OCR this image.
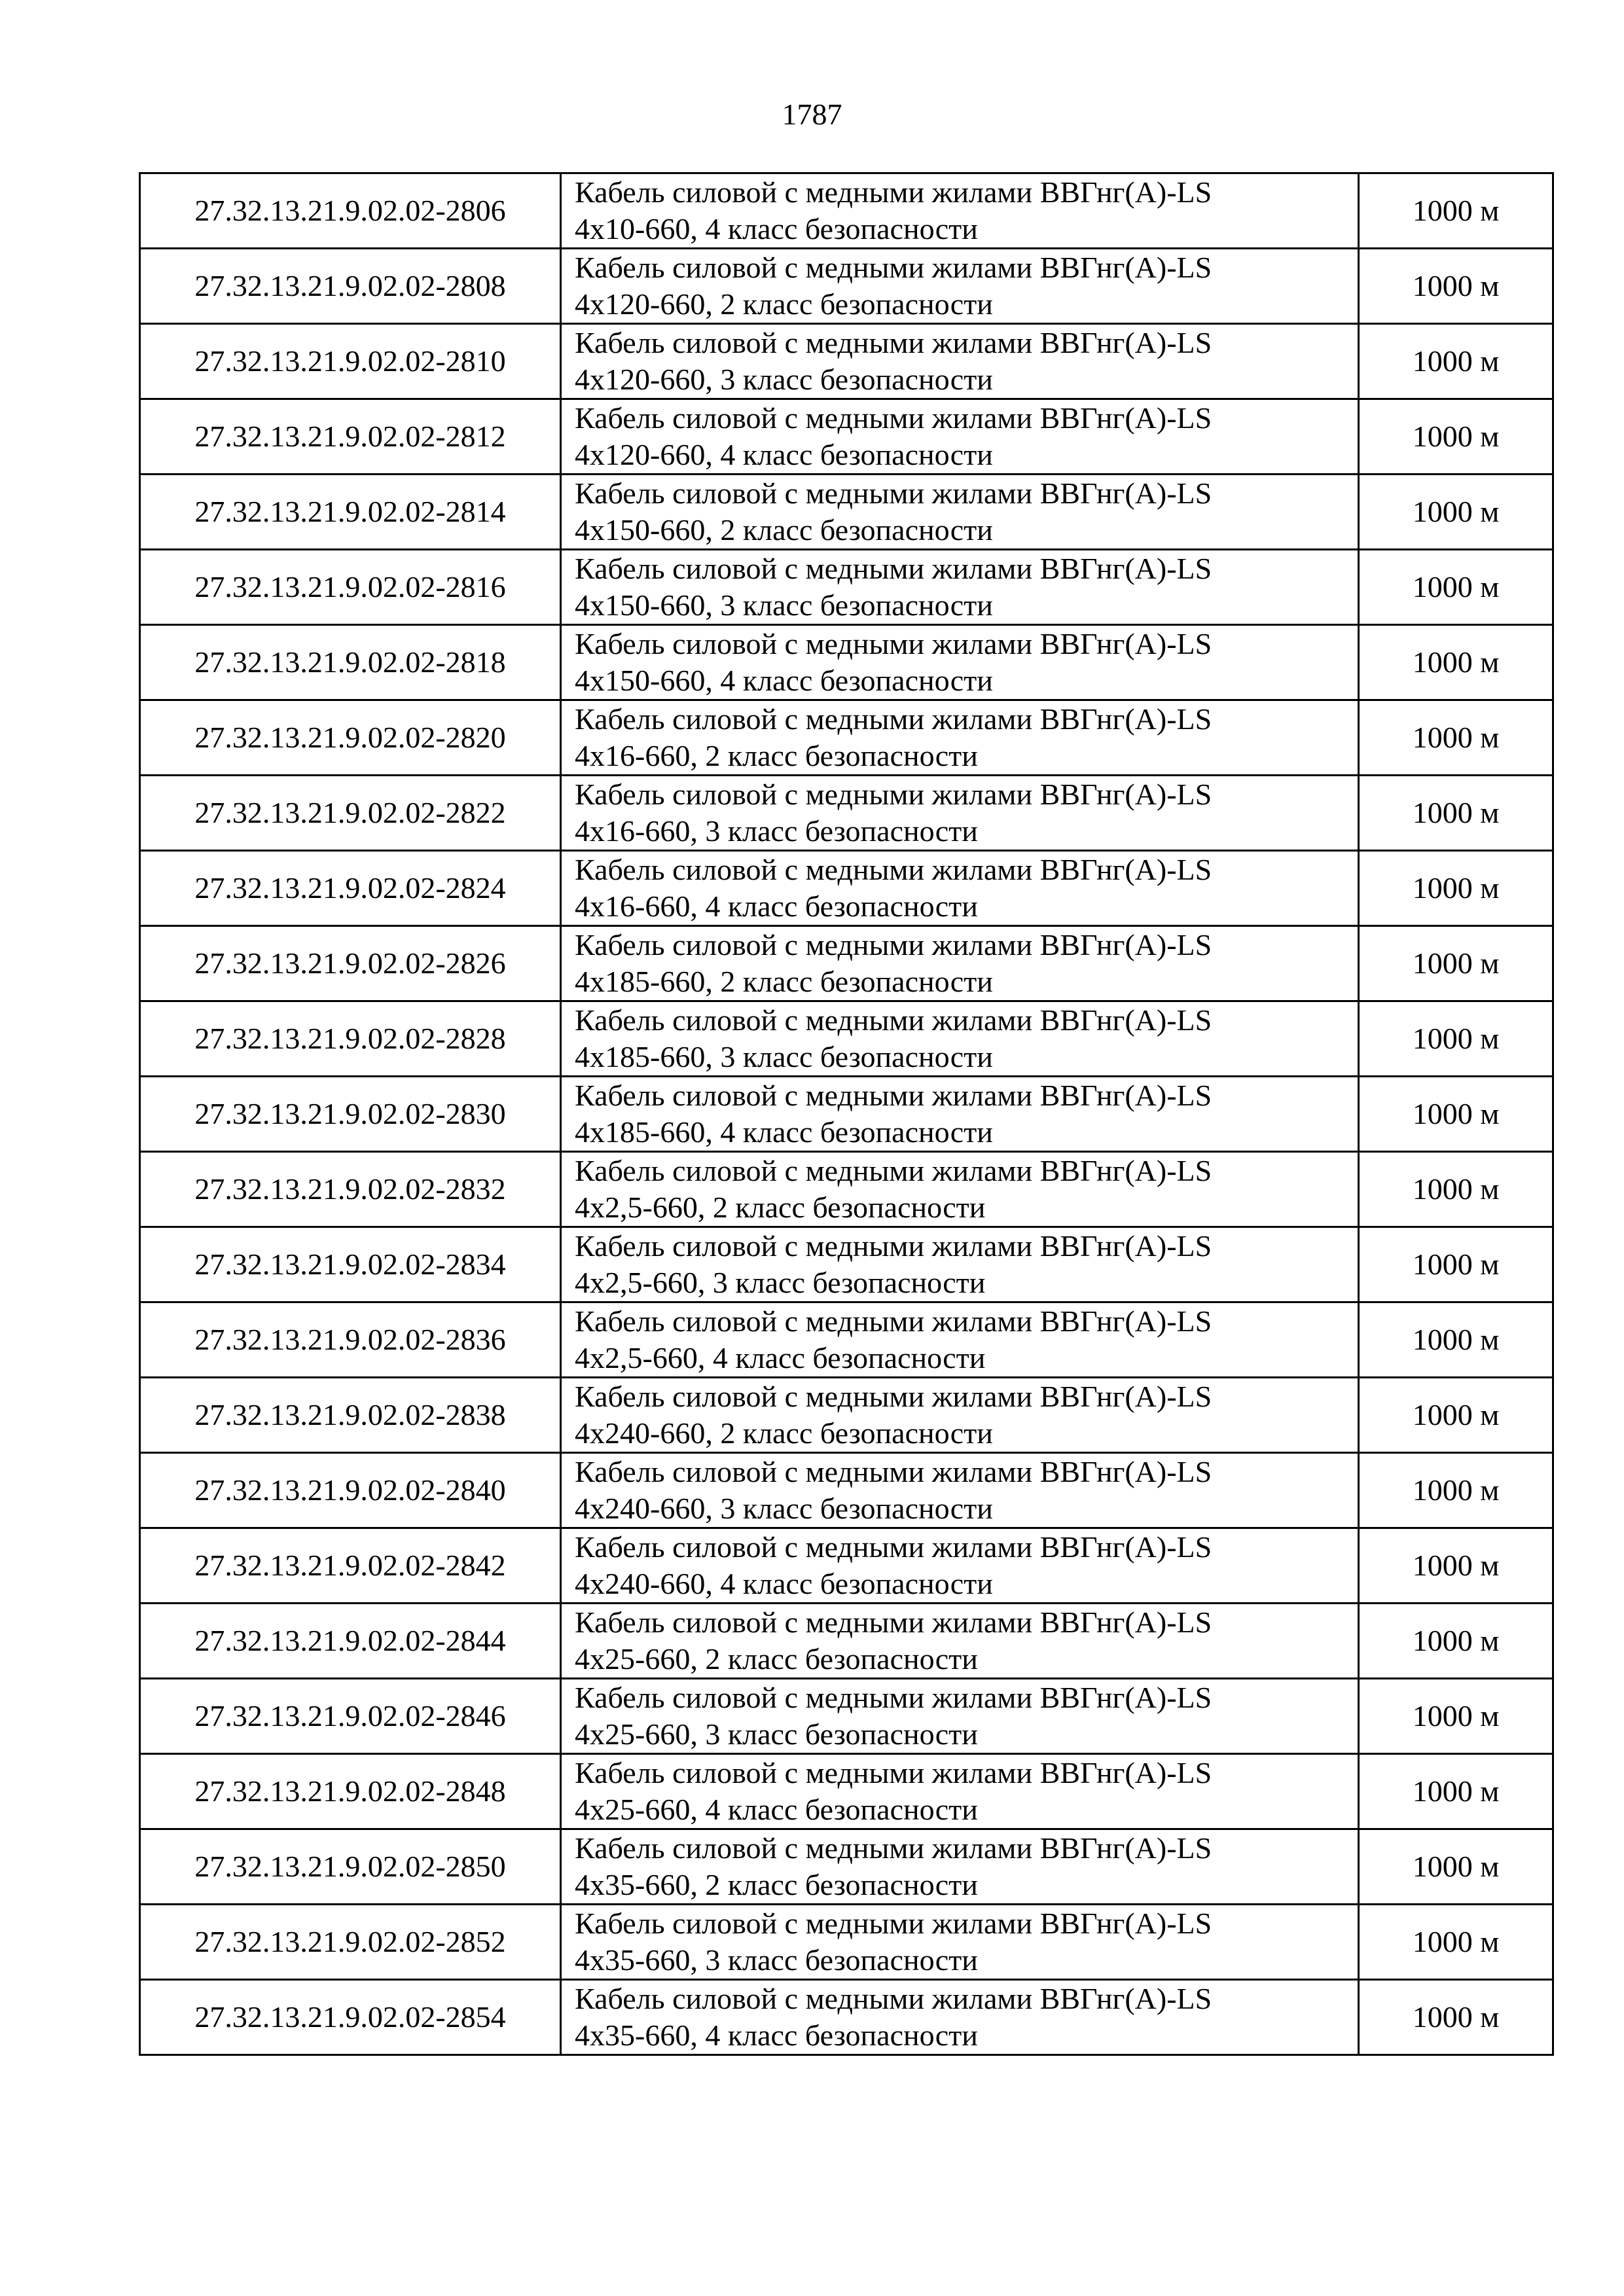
1787
27.32.13.21.9.02.02-2806	Кабель силовой с медными жилами ВВГнг(А)-LS
4х10-660, 4 класс безопасности	1000 м
27.32.13.21.9.02.02-2808	Кабель силовой с медными жилами ВВГнг(А)-LS
4х120-660, 2 класс безопасности	1000 м
27.32.13.21.9.02.02-2810	Кабель силовой с медными жилами ВВГнг(А)-LS
4х120-660, 3 класс безопасности	1000 м
27.32.13.21.9.02.02-2812	Кабель силовой с медными жилами ВВГнг(А)-LS
4х120-660, 4 класс безопасности	1000 м
27.32.13.21.9.02.02-2814	Кабель силовой с медными жилами ВВГнг(А)-LS
4х150-660, 2 класс безопасности	1000 м
27.32.13.21.9.02.02-2816	Кабель силовой с медными жилами ВВГнг(А)-LS
4х150-660, 3 класс безопасности	1000 м
27.32.13.21.9.02.02-2818	Кабель силовой с медными жилами ВВГнг(А)-LS
4х150-660, 4 класс безопасности	1000 м
27.32.13.21.9.02.02-2820	Кабель силовой с медными жилами ВВГнг(А)-LS
4х16-660, 2 класс безопасности	1000 м
27.32.13.21.9.02.02-2822	Кабель силовой с медными жилами ВВГнг(А)-LS
4х16-660, 3 класс безопасности	1000 м
27.32.13.21.9.02.02-2824	Кабель силовой с медными жилами ВВГнг(А)-LS
4х16-660, 4 класс безопасности	1000 м
27.32.13.21.9.02.02-2826	Кабель силовой с медными жилами ВВГнг(А)-LS
4х185-660, 2 класс безопасности	1000 м
27.32.13.21.9.02.02-2828	Кабель силовой с медными жилами ВВГнг(А)-LS
4х185-660, 3 класс безопасности	1000 м
27.32.13.21.9.02.02-2830	Кабель силовой с медными жилами ВВГнг(А)-LS
4х185-660, 4 класс безопасности	1000 м
27.32.13.21.9.02.02-2832	Кабель силовой с медными жилами ВВГнг(А)-LS
4х2,5-660, 2 класс безопасности	1000 м
27.32.13.21.9.02.02-2834	Кабель силовой с медными жилами ВВГнг(А)-LS
4х2,5-660, 3 класс безопасности	1000 м
27.32.13.21.9.02.02-2836	Кабель силовой с медными жилами ВВГнг(А)-LS
4х2,5-660, 4 класс безопасности	1000 м
27.32.13.21.9.02.02-2838	Кабель силовой с медными жилами ВВГнг(А)-LS
4х240-660, 2 класс безопасности	1000 м
27.32.13.21.9.02.02-2840	Кабель силовой с медными жилами ВВГнг(А)-LS
4х240-660, 3 класс безопасности	1000 м
27.32.13.21.9.02.02-2842	Кабель силовой с медными жилами ВВГнг(А)-LS
4х240-660, 4 класс безопасности	1000 м
27.32.13.21.9.02.02-2844	Кабель силовой с медными жилами ВВГнг(А)-LS
4х25-660, 2 класс безопасности	1000 м
27.32.13.21.9.02.02-2846	Кабель силовой с медными жилами ВВГнг(А)-LS
4х25-660, 3 класс безопасности	1000 м
27.32.13.21.9.02.02-2848	Кабель силовой с медными жилами ВВГнг(А)-LS
4х25-660, 4 класс безопасности	1000 м
27.32.13.21.9.02.02-2850	Кабель силовой с медными жилами ВВГнг(А)-LS
4х35-660, 2 класс безопасности	1000 м
27.32.13.21.9.02.02-2852	Кабель силовой с медными жилами ВВГнг(А)-LS
4х35-660, 3 класс безопасности	1000 м
27.32.13.21.9.02.02-2854	Кабель силовой с медными жилами ВВГнг(А)-LS
4х35-660, 4 класс безопасности	1000 м
